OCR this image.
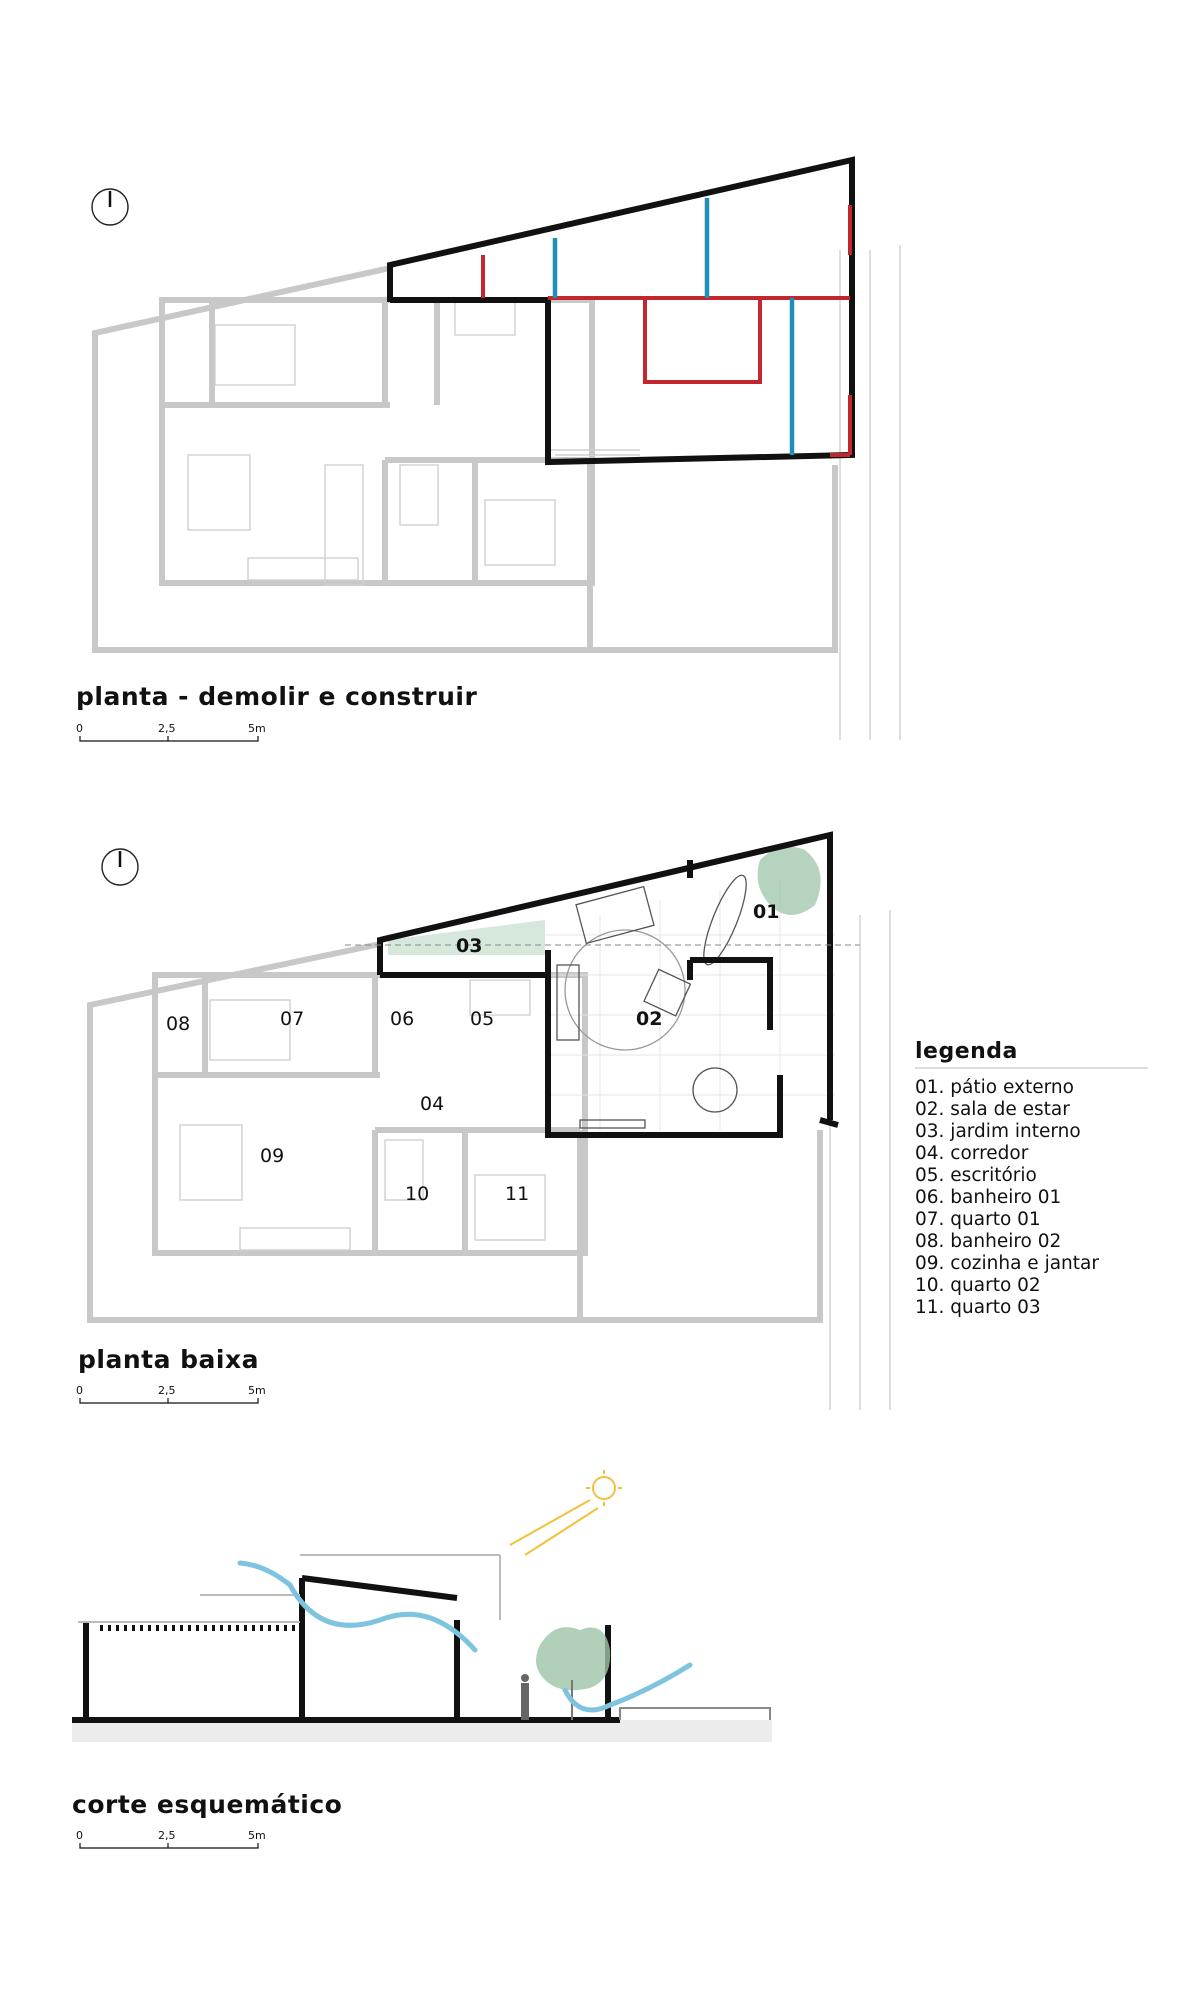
0	2,5	5m
planta - demolir e construir
01
02
03
04
05
06
07
08
09
10	11
0	2,5	5m
planta baixa
legenda
01. pátio externo
02. sala de estar
03. jardim interno
04. corredor
05. escritório
06. banheiro 01
07. quarto 01
08. banheiro 02
09. cozinha e jantar
10. quarto 02
11. quarto 03
0	2,5	5m
corte esquemático
